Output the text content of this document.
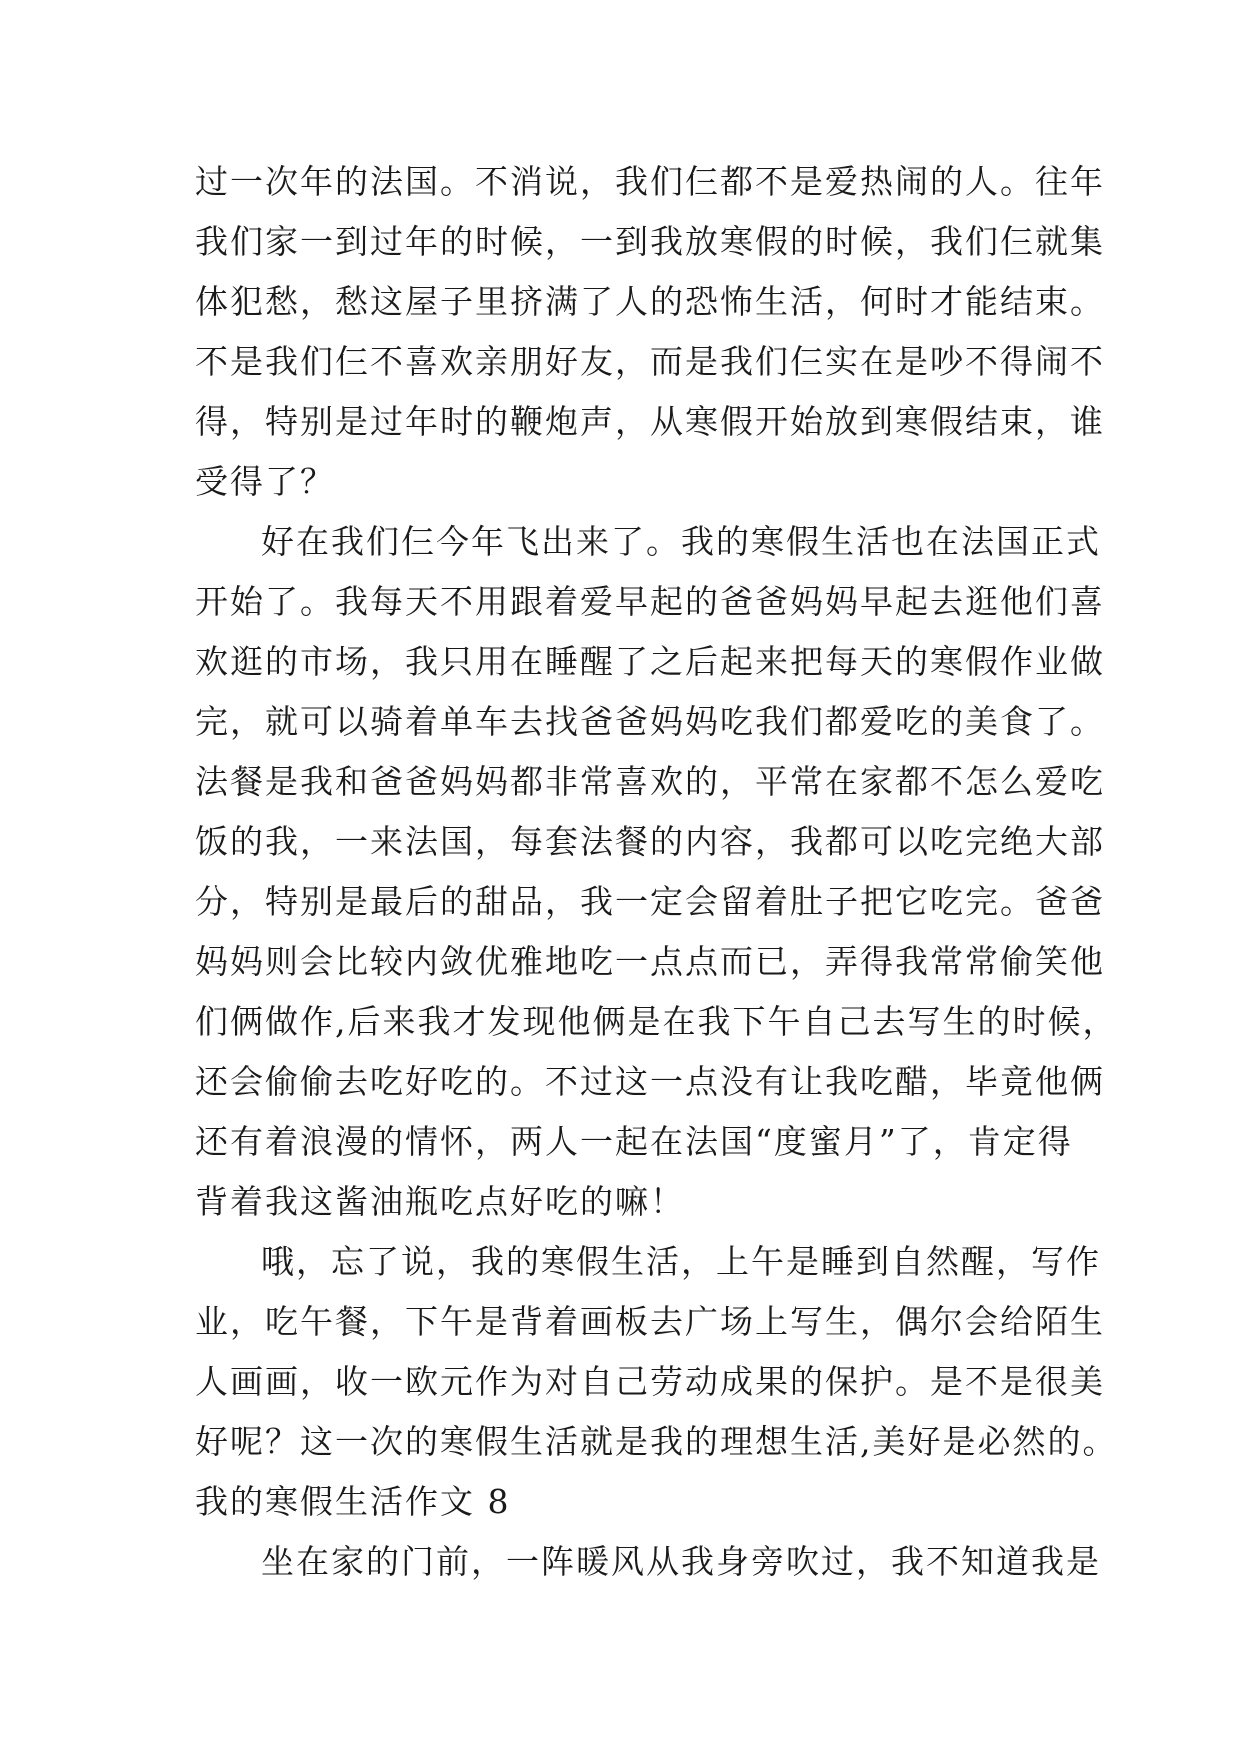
过一次年的法国。不消说，我们仨都不是爱热闹的人。往年
我们家一到过年的时候，一到我放寒假的时候，我们仨就集
体犯愁，愁这屋子里挤满了人的恐怖生活，何时才能结束。
不是我们仨不喜欢亲朋好友，而是我们仨实在是吵不得闹不
得，特别是过年时的鞭炮声，从寒假开始放到寒假结束，谁
受得了？
好在我们仨今年飞出来了。我的寒假生活也在法国正式
开始了。我每天不用跟着爱早起的爸爸妈妈早起去逛他们喜
欢逛的市场，我只用在睡醒了之后起来把每天的寒假作业做
完，就可以骑着单车去找爸爸妈妈吃我们都爱吃的美食了。
法餐是我和爸爸妈妈都非常喜欢的，平常在家都不怎么爱吃
饭的我，一来法国，每套法餐的内容，我都可以吃完绝大部
分，特别是最后的甜品，我一定会留着肚子把它吃完。爸爸
妈妈则会比较内敛优雅地吃一点点而已，弄得我常常偷笑他
们俩做作,后来我才发现他俩是在我下午自己去写生的时候，
还会偷偷去吃好吃的。不过这一点没有让我吃醋，毕竟他俩
还有着浪漫的情怀，两人一起在法国“度蜜月”了，肯定得
背着我这酱油瓶吃点好吃的嘛！
哦，忘了说，我的寒假生活，上午是睡到自然醒，写作
业，吃午餐，下午是背着画板去广场上写生，偶尔会给陌生
人画画，收一欧元作为对自己劳动成果的保护。是不是很美
好呢？这一次的寒假生活就是我的理想生活,美好是必然的。
我的寒假生活作文 8
坐在家的门前，一阵暖风从我身旁吹过，我不知道我是
